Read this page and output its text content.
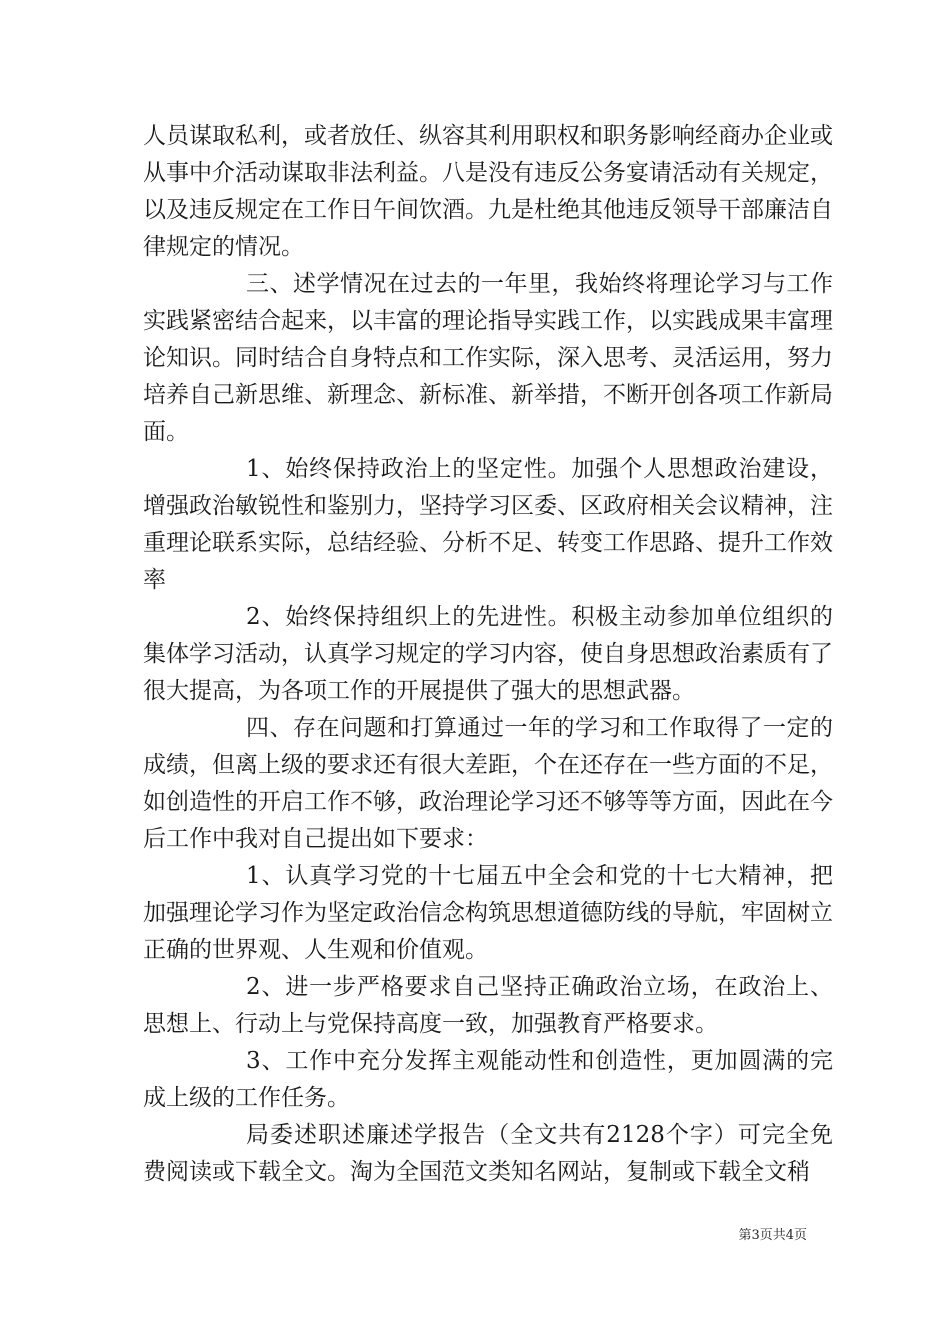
人员谋取私利，或者放任、纵容其利用职权和职务影响经商办企业或从事中介活动谋取非法利益。八是没有违反公务宴请活动有关规定，以及违反规定在工作日午间饮酒。九是杜绝其他违反领导干部廉洁自律规定的情况。

三、述学情况在过去的一年里，我始终将理论学习与工作实践紧密结合起来，以丰富的理论指导实践工作，以实践成果丰富理论知识。同时结合自身特点和工作实际，深入思考、灵活运用，努力培养自己新思维、新理念、新标准、新举措，不断开创各项工作新局面。

1、始终保持政治上的坚定性。加强个人思想政治建设，增强政治敏锐性和鉴别力，坚持学习区委、区政府相关会议精神，注重理论联系实际，总结经验、分析不足、转变工作思路、提升工作效率

2、始终保持组织上的先进性。积极主动参加单位组织的集体学习活动，认真学习规定的学习内容，使自身思想政治素质有了很大提高，为各项工作的开展提供了强大的思想武器。

四、存在问题和打算通过一年的学习和工作取得了一定的成绩，但离上级的要求还有很大差距，个在还存在一些方面的不足，如创造性的开启工作不够，政治理论学习还不够等等方面，因此在今后工作中我对自己提出如下要求：

1、认真学习党的十七届五中全会和党的十七大精神，把加强理论学习作为坚定政治信念构筑思想道德防线的导航，牢固树立正确的世界观、人生观和价值观。

2、进一步严格要求自己坚持正确政治立场，在政治上、思想上、行动上与党保持高度一致，加强教育严格要求。

3、工作中充分发挥主观能动性和创造性，更加圆满的完成上级的工作任务。

局委述职述廉述学报告（全文共有2128个字）可完全免费阅读或下载全文。淘为全国范文类知名网站，复制或下载全文稍

第3页共4页
